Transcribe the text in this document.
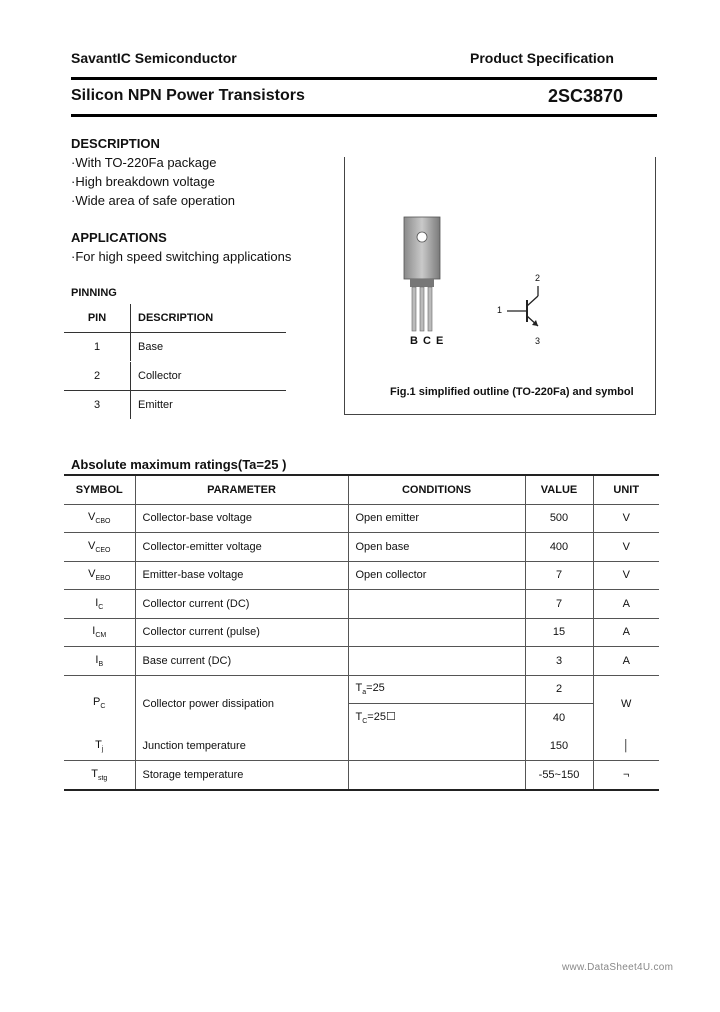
SavantIC Semiconductor	Product Specification
Silicon NPN Power Transistors	2SC3870
DESCRIPTION
·With TO-220Fa package
·High breakdown voltage
·Wide area of safe operation
APPLICATIONS
·For high speed switching applications
PINNING
PIN	DESCRIPTION
1	Base
2	Collector
3	Emitter
B C E
2
1
3
Fig.1 simplified outline (TO-220Fa) and symbol
Absolute maximum ratings(Ta=25 )
SYMBOL	PARAMETER	CONDITIONS	VALUE	UNIT
$V_{CBO}$	Collector-base voltage	Open emitter	500	V
$V_{CEO}$	Collector-emitter voltage	Open base	400	V
$V_{EBO}$	Emitter-base voltage	Open collector	7	V
$I_C$	Collector current (DC)		7	A
$I_{CM}$	Collector current (pulse)		15	A
$I_B$	Base current (DC)		3	A
$P_C$	Collector power dissipation	$T_a=25$	2	W
		$T_C=25☐$	40	
$T_j$	Junction temperature		150	│
$T_{stg}$	Storage temperature		-55~150	¬
www.DataSheet4U.com
